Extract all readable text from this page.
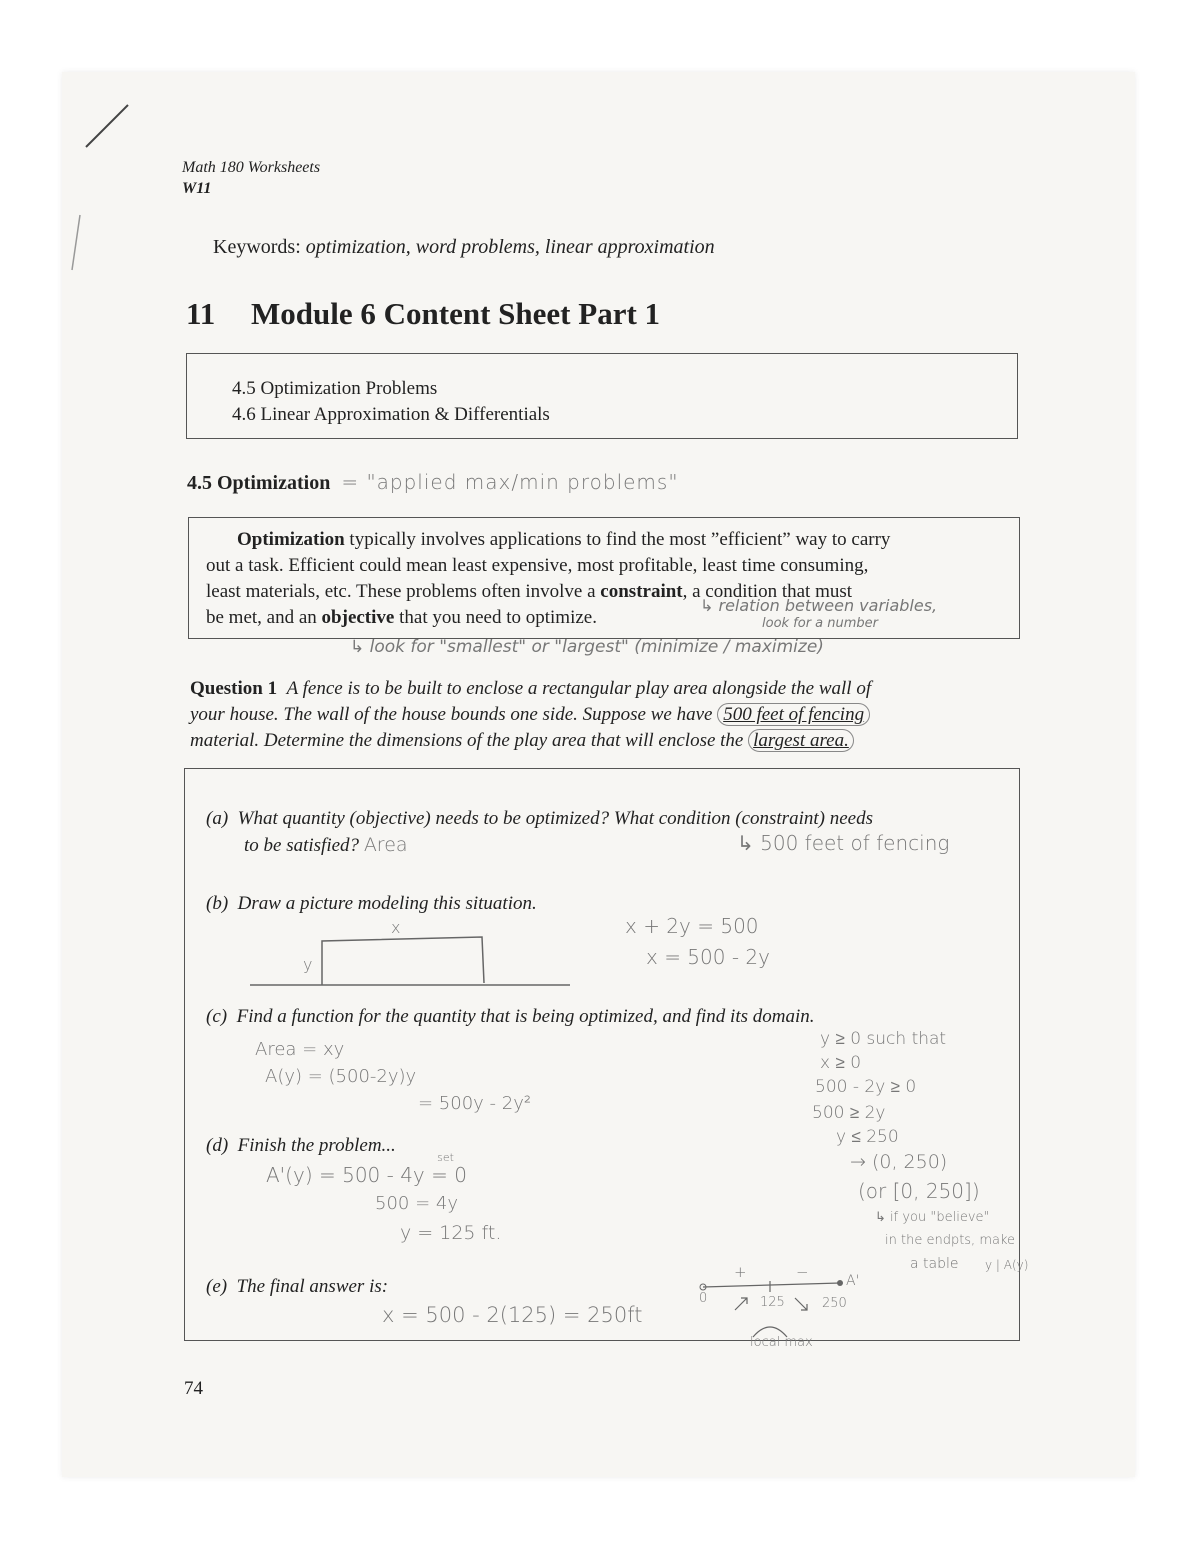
Math 180 Worksheets
W11
Keywords: optimization, word problems, linear approximation
11 Module 6 Content Sheet Part 1
4.5 Optimization Problems
4.6 Linear Approximation & Differentials
4.5 Optimization = "applied max/min problems"
Optimization typically involves applications to find the most ”efficient” way to carry
out a task. Efficient could mean least expensive, most profitable, least time consuming,
least materials, etc. These problems often involve a constraint, a condition that must
be met, and an objective that you need to optimize.
↳ relation between variables,
look for a number
↳ look for "smallest" or "largest" (minimize / maximize)
Question 1 A fence is to be built to enclose a rectangular play area alongside the wall of
your house. The wall of the house bounds one side. Suppose we have 500 feet of fencing
material. Determine the dimensions of the play area that will enclose the largest area.
(a) What quantity (objective) needs to be optimized? What condition (constraint) needs
to be satisfied? Area	↳ 500 feet of fencing
(b) Draw a picture modeling this situation.
x
y
x + 2y = 500
x = 500 - 2y
(c) Find a function for the quantity that is being optimized, and find its domain.
Area = xy
A(y) = (500-2y)y
= 500y - 2y²
y ≥ 0 such that
x ≥ 0
500 - 2y ≥ 0
500 ≥ 2y
y ≤ 250
→ (0, 250)
(or [0, 250])
↳ if you "believe"
in the endpts, make
a table y | A(y)
(d) Finish the problem...
A'(y) = 500 - 4y
set
= 0
500 = 4y
y = 125 ft.
(e) The final answer is:
x = 500 - 2(125) = 250ft
+	−	A'
0	125	250
local max
74
